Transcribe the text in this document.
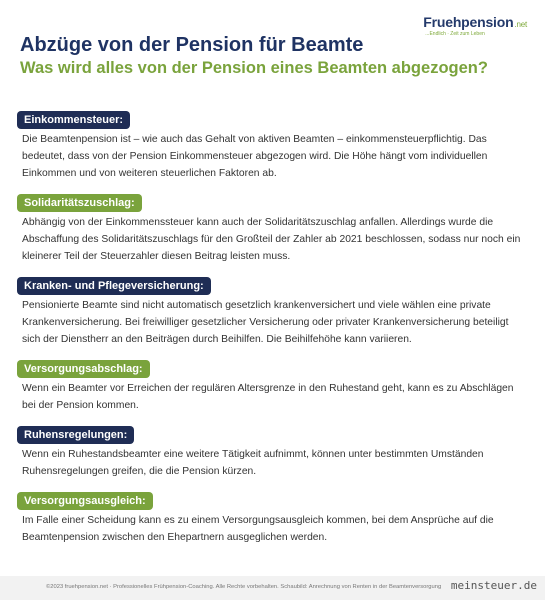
Fruehpension.net
...Endlich · Zeit zum Leben
Abzüge von der Pension für Beamte
Was wird alles von der Pension eines Beamten abgezogen?
Einkommensteuer:
Die Beamtenpension ist – wie auch das Gehalt von aktiven Beamten – einkommensteuerpflichtig. Das bedeutet, dass von der Pension Einkommensteuer abgezogen wird. Die Höhe hängt vom individuellen Einkommen und von weiteren steuerlichen Faktoren ab.
Solidaritätszuschlag:
Abhängig von der Einkommenssteuer kann auch der Solidaritätszuschlag anfallen. Allerdings wurde die Abschaffung des Solidaritätszuschlags für den Großteil der Zahler ab 2021 beschlossen, sodass nur noch ein kleinerer Teil der Steuerzahler diesen Beitrag leisten muss.
Kranken- und Pflegeversicherung:
Pensionierte Beamte sind nicht automatisch gesetzlich krankenversichert und viele wählen eine private Krankenversicherung. Bei freiwilliger gesetzlicher Versicherung oder privater Krankenversicherung beteiligt sich der Dienstherr an den Beiträgen durch Beihilfen. Die Beihilfehöhe kann variieren.
Versorgungsabschlag:
Wenn ein Beamter vor Erreichen der regulären Altersgrenze in den Ruhestand geht, kann es zu Abschlägen bei der Pension kommen.
Ruhensregelungen:
Wenn ein Ruhestandsbeamter eine weitere Tätigkeit aufnimmt, können unter bestimmten Umständen Ruhensregelungen greifen, die die Pension kürzen.
Versorgungsausgleich:
Im Falle einer Scheidung kann es zu einem Versorgungsausgleich kommen, bei dem Ansprüche auf die Beamtenpension zwischen den Ehepartnern ausgeglichen werden.
©2023 fruehpension.net · Professionelles Frühpension-Coaching. Alle Rechte vorbehalten. Schaubild: Anrechnung von Renten in der Beamtenversorgung meinsteuer.de
